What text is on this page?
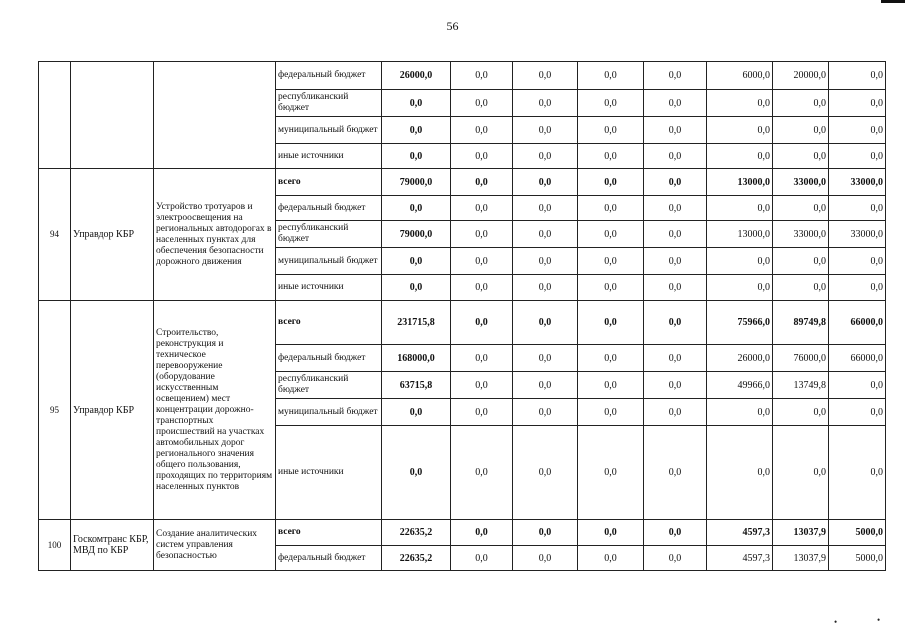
56
•	•
			федеральный бюджет	26000,0	0,0	0,0	0,0	0,0	6000,0	20000,0	0,0
			республиканский бюджет	0,0	0,0	0,0	0,0	0,0	0,0	0,0	0,0
			муниципальный бюджет	0,0	0,0	0,0	0,0	0,0	0,0	0,0	0,0
			иные источники	0,0	0,0	0,0	0,0	0,0	0,0	0,0	0,0
94	Управдор КБР	Устройство тротуаров и электроосвещения на региональных автодорогах в населенных пунктах для обеспечения безопасности дорожного движения	всего	79000,0	0,0	0,0	0,0	0,0	13000,0	33000,0	33000,0
			федеральный бюджет	0,0	0,0	0,0	0,0	0,0	0,0	0,0	0,0
			республиканский бюджет	79000,0	0,0	0,0	0,0	0,0	13000,0	33000,0	33000,0
			муниципальный бюджет	0,0	0,0	0,0	0,0	0,0	0,0	0,0	0,0
			иные источники	0,0	0,0	0,0	0,0	0,0	0,0	0,0	0,0
95	Управдор КБР	Строительство, реконструкция и техническое перевооружение (оборудование искусственным освещением) мест концентрации дорожно-транспортных происшествий на участках автомобильных дорог регионального значения общего пользования, проходящих по территориям населенных пунктов	всего	231715,8	0,0	0,0	0,0	0,0	75966,0	89749,8	66000,0
			федеральный бюджет	168000,0	0,0	0,0	0,0	0,0	26000,0	76000,0	66000,0
			республиканский бюджет	63715,8	0,0	0,0	0,0	0,0	49966,0	13749,8	0,0
			муниципальный бюджет	0,0	0,0	0,0	0,0	0,0	0,0	0,0	0,0
			иные источники	0,0	0,0	0,0	0,0	0,0	0,0	0,0	0,0
100	Госкомтранс КБР, МВД по КБР	Создание аналитических систем управления безопасностью	всего	22635,2	0,0	0,0	0,0	0,0	4597,3	13037,9	5000,0
			федеральный бюджет	22635,2	0,0	0,0	0,0	0,0	4597,3	13037,9	5000,0
